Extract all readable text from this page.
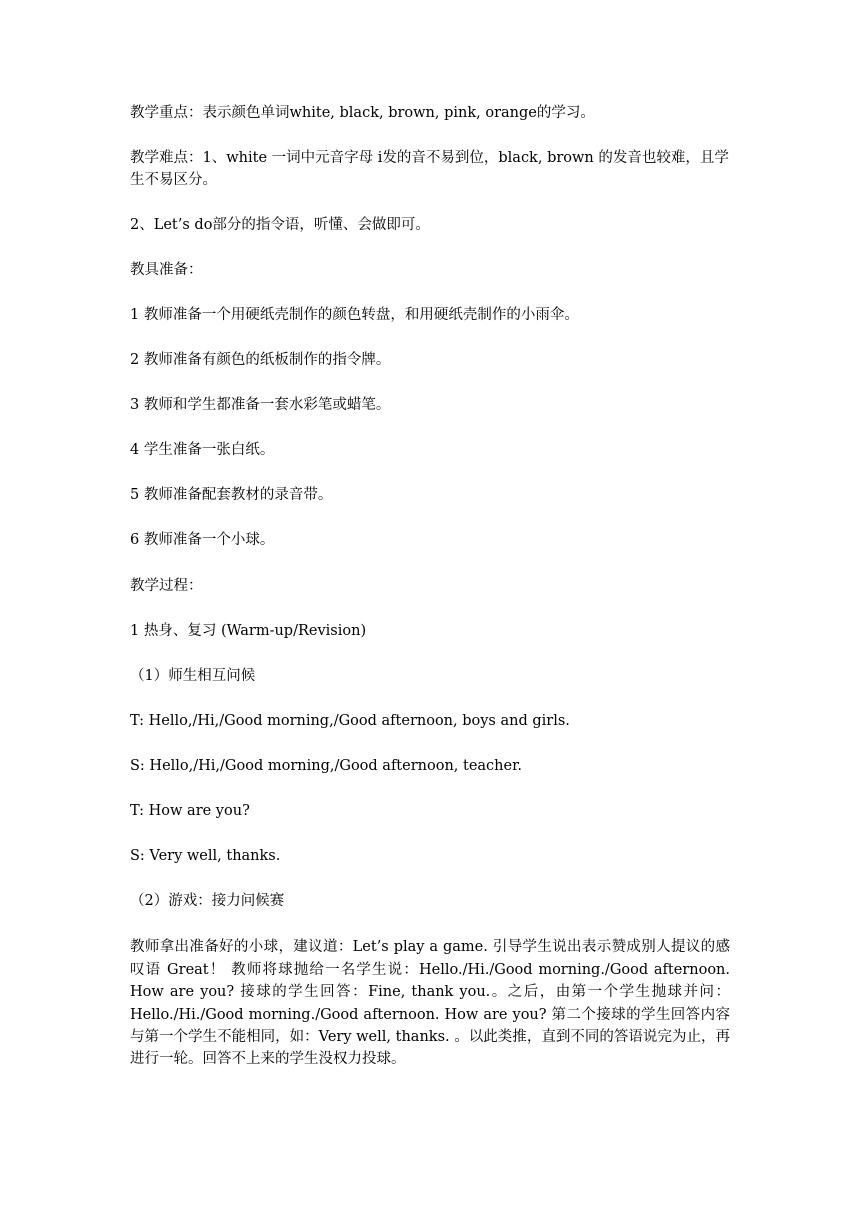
教学重点：表示颜色单词white, black, brown, pink, orange的学习。

教学难点：1、white 一词中元音字母 i发的音不易到位，black, brown 的发音也较难，且学生不易区分。

2、Let’s do部分的指令语，听懂、会做即可。

教具准备：

1 教师准备一个用硬纸壳制作的颜色转盘，和用硬纸壳制作的小雨伞。

2 教师准备有颜色的纸板制作的指令牌。

3 教师和学生都准备一套水彩笔或蜡笔。

4 学生准备一张白纸。

5 教师准备配套教材的录音带。

6 教师准备一个小球。

教学过程：

1 热身、复习 (Warm-up/Revision)

（1）师生相互问候

T: Hello,/Hi,/Good morning,/Good afternoon, boys and girls.

S: Hello,/Hi,/Good morning,/Good afternoon, teacher.

T: How are you?

S: Very well, thanks.

（2）游戏：接力问候赛

教师拿出准备好的小球，建议道：Let’s play a game. 引导学生说出表示赞成别人提议的感叹语 Great！ 教师将球抛给一名学生说：Hello./Hi./Good morning./Good afternoon. How are you? 接球的学生回答：Fine, thank you.。之后，由第一个学生抛球并问：Hello./Hi./Good morning./Good afternoon. How are you? 第二个接球的学生回答内容与第一个学生不能相同，如：Very well, thanks. 。以此类推，直到不同的答语说完为止，再进行一轮。回答不上来的学生没权力投球。
